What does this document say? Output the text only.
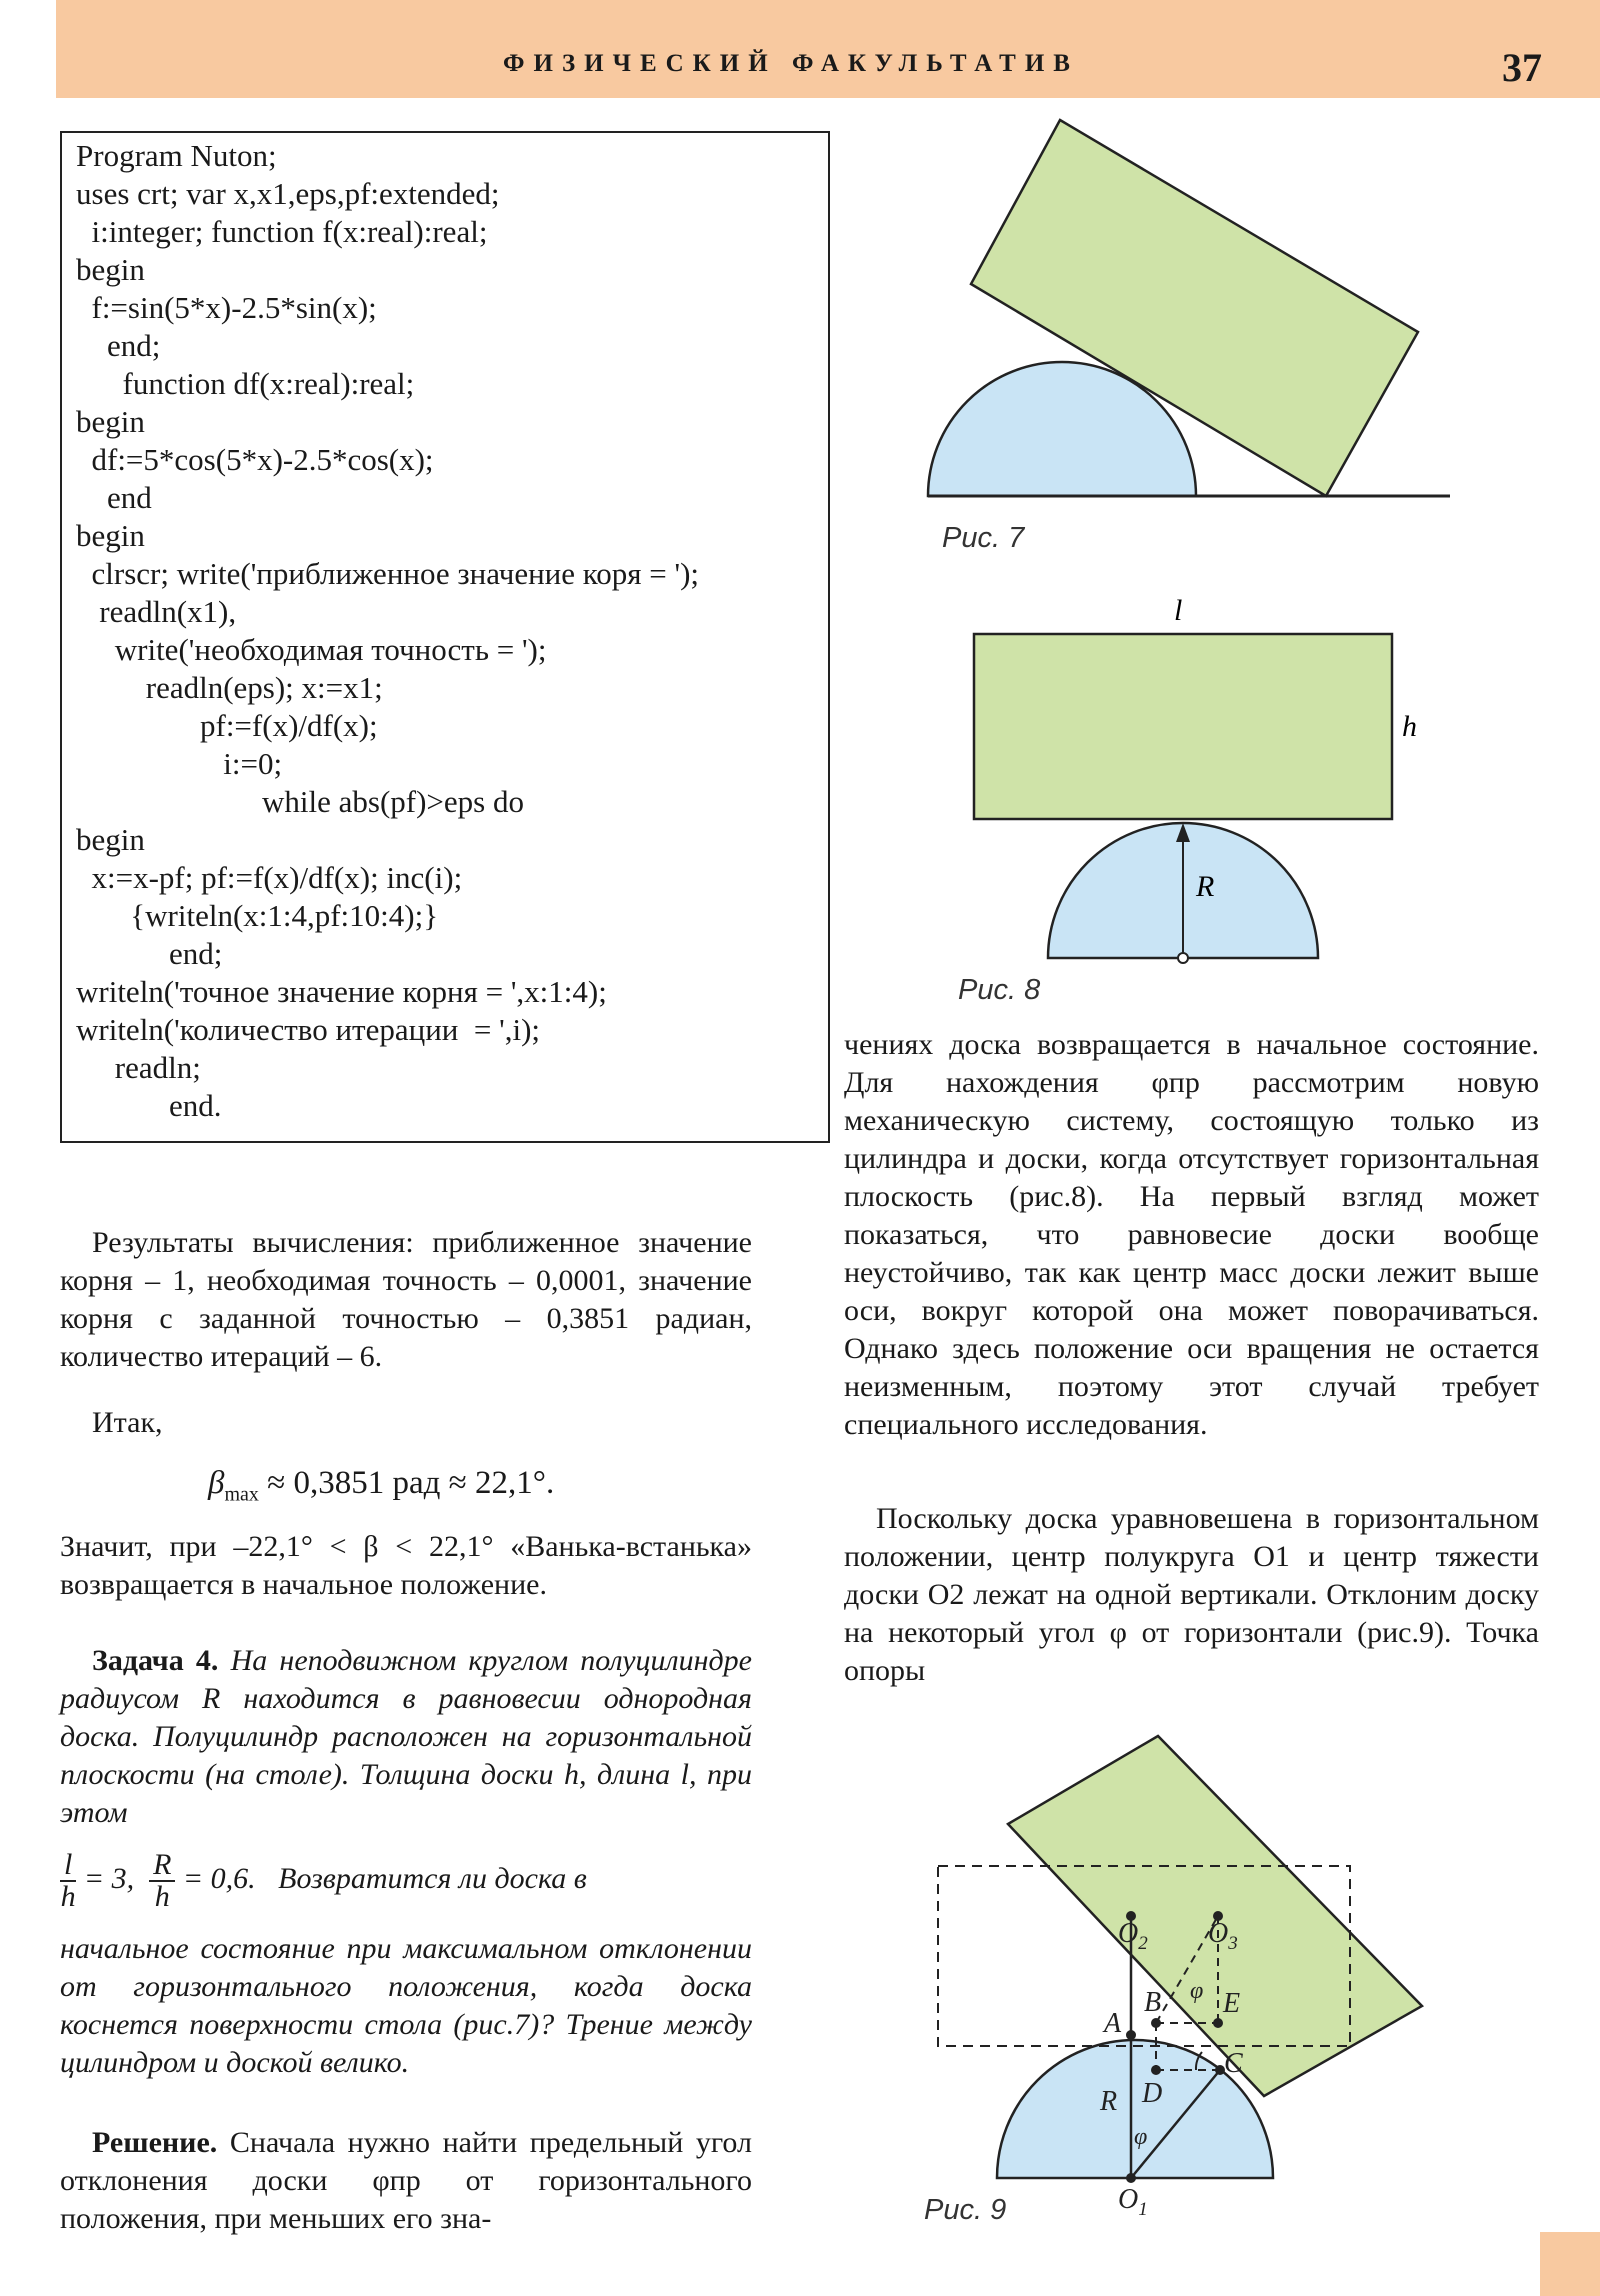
ФИЗИЧЕСКИЙ ФАКУЛЬТАТИВ	37
Program Nuton;
uses crt; var x,x1,eps,pf:extended;
i:integer; function f(x:real):real;
begin
f:=sin(5*x)-2.5*sin(x);
end;
function df(x:real):real;
begin
df:=5*cos(5*x)-2.5*cos(x);
end
begin
clrscr; write('приближенное значение коря = ');
readln(x1),
write('необходимая точность = ');
readln(eps); x:=x1;
pf:=f(x)/df(x);
i:=0;
while abs(pf)>eps do
begin
x:=x-pf; pf:=f(x)/df(x); inc(i);
{writeln(x:1:4,pf:10:4);}
end;
writeln('точное значение корня = ',x:1:4);
writeln('количество итерации  = ',i);
readln;
end.
Результаты вычисления: приближенное значение корня – 1, необходимая точность – 0,0001, значение корня с заданной точностью – 0,3851 радиан, количество итераций – 6.
Итак,
$\beta_{max} \approx 0,3851$ рад ≈ 22,1°.
Значит, при –22,1° < β < 22,1° «Ванька-встанька» возвращается в начальное положение.
Задача 4. На неподвижном круглом полуцилиндре радиусом R находится в равновесии однородная доска. Полуцилиндр расположен на горизонтальной плоскости (на столе). Толщина доски h, длина l, при этом
$\frac{l}{h} = 3$, $\frac{R}{h} = 0,6$. Возвратится ли доска в
начальное состояние при максимальном отклонении от горизонтального положения, когда доска коснется поверхности стола (рис.7)? Трение между цилиндром и доской велико.
Решение. Сначала нужно найти предельный угол отклонения доски φпр от горизонтального положения, при меньших его зна-
чениях доска возвращается в начальное состояние. Для нахождения φпр рассмотрим новую механическую систему, состоящую только из цилиндра и доски, когда отсутствует горизонтальная плоскость (рис.8). На первый взгляд может показаться, что равновесие доски вообще неустойчиво, так как центр масс доски лежит выше оси, вокруг которой она может поворачиваться. Однако здесь положение оси вращения не остается неизменным, поэтому этот случай требует специального исследования.
Поскольку доска уравновешена в горизонтальном положении, центр полукруга O1 и центр тяжести доски O2 лежат на одной вертикали. Отклоним доску на некоторый угол φ от горизонтали (рис.9). Точка опоры
Рис. 7
l
h
R
Рис. 8
$O_2$ $O_3$
$O_1$
A
B E
D
C
R
φ
φ
Рис. 9
